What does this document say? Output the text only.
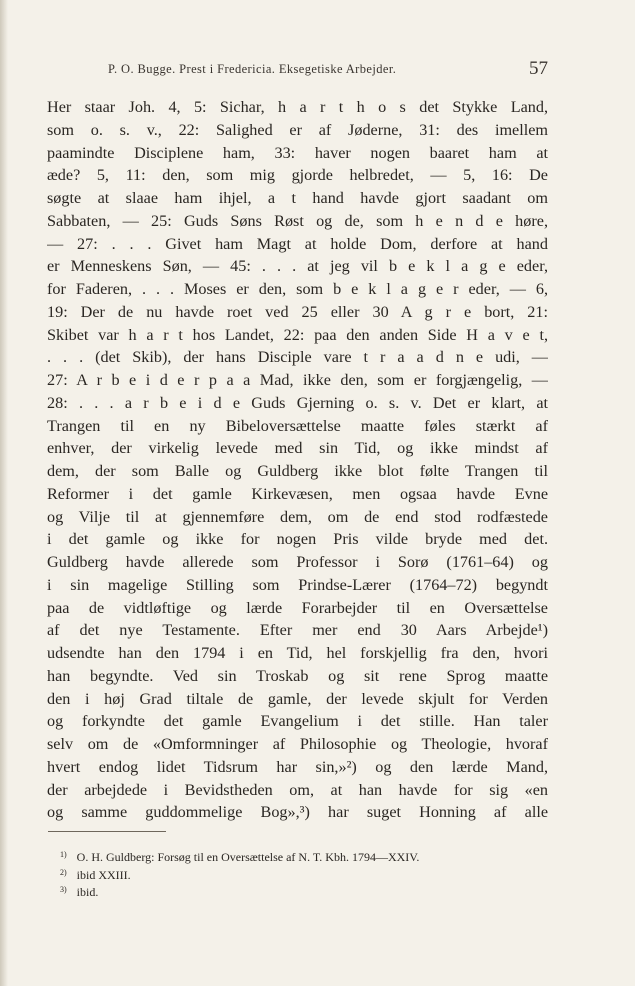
P. O. Bugge. Prest i Fredericia. Eksegetiske Arbejder.	57
Her staar Joh. 4, 5: Sichar, h a r t h o s det Stykke Land,
som o. s. v., 22: Salighed er af Jøderne, 31: des imellem
paamindte Disciplene ham, 33: haver nogen baaret ham at
æde? 5, 11: den, som mig gjorde helbredet, — 5, 16: De
søgte at slaae ham ihjel, a t hand havde gjort saadant om
Sabbaten, — 25: Guds Søns Røst og de, som h e n d e høre,
— 27: . . . Givet ham Magt at holde Dom, derfore at hand
er Menneskens Søn, — 45: . . . at jeg vil b e k l a g e eder,
for Faderen, . . . Moses er den, som b e k l a g e r eder, — 6,
19: Der de nu havde roet ved 25 eller 30 A g r e bort, 21:
Skibet var h a r t hos Landet, 22: paa den anden Side H a v e t,
. . . (det Skib), der hans Disciple vare t r a a d n e udi, —
27: A r b e i d e r p a a Mad, ikke den, som er forgjængelig, —
28: . . . a r b e i d e Guds Gjerning o. s. v. Det er klart, at
Trangen til en ny Bibeloversættelse maatte føles stærkt af
enhver, der virkelig levede med sin Tid, og ikke mindst af
dem, der som Balle og Guldberg ikke blot følte Trangen til
Reformer i det gamle Kirkevæsen, men ogsaa havde Evne
og Vilje til at gjennemføre dem, om de end stod rodfæstede
i det gamle og ikke for nogen Pris vilde bryde med det.
Guldberg havde allerede som Professor i Sorø (1761–64) og
i sin magelige Stilling som Prindse-Lærer (1764–72) begyndt
paa de vidtløftige og lærde Forarbejder til en Oversættelse
af det nye Testamente. Efter mer end 30 Aars Arbejde¹)
udsendte han den 1794 i en Tid, hel forskjellig fra den, hvori
han begyndte. Ved sin Troskab og sit rene Sprog maatte
den i høj Grad tiltale de gamle, der levede skjult for Verden
og forkyndte det gamle Evangelium i det stille. Han taler
selv om de «Omformninger af Philosophie og Theologie, hvoraf
hvert endog lidet Tidsrum har sin,»²) og den lærde Mand,
der arbejdede i Bevidstheden om, at han havde for sig «en
og samme guddommelige Bog»,³) har suget Honning af alle
$^{1)}$ O. H. Guldberg: Forsøg til en Oversættelse af N. T. Kbh. 1794—XXIV.
$^{2)}$ ibid XXIII.
$^{3)}$ ibid.
